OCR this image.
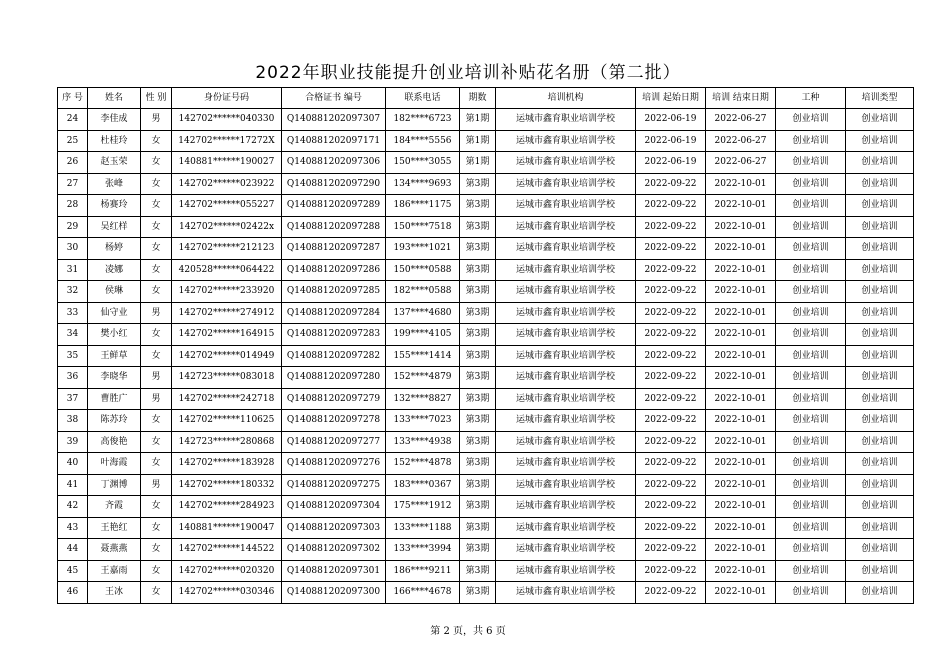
2022年职业技能提升创业培训补贴花名册（第二批）
序 号	姓名	性 别	身份证号码	合格证书 编号	联系电话	期数	培训机构	培训 起始日期	培训 结束日期	工种	培训类型
24	李佳成	男	142702******040330	Q140881202097307	182****6723	第1期	运城市鑫育职业培训学校	2022-06-19	2022-06-27	创业培训	创业培训
25	杜桂玲	女	142702******17272X	Q140881202097171	184****5556	第1期	运城市鑫育职业培训学校	2022-06-19	2022-06-27	创业培训	创业培训
26	赵玉荣	女	140881******190027	Q140881202097306	150****3055	第1期	运城市鑫育职业培训学校	2022-06-19	2022-06-27	创业培训	创业培训
27	张峰	女	142702******023922	Q140881202097290	134****9693	第3期	运城市鑫育职业培训学校	2022-09-22	2022-10-01	创业培训	创业培训
28	杨赛玲	女	142702******055227	Q140881202097289	186****1175	第3期	运城市鑫育职业培训学校	2022-09-22	2022-10-01	创业培训	创业培训
29	吴红样	女	142702******02422x	Q140881202097288	150****7518	第3期	运城市鑫育职业培训学校	2022-09-22	2022-10-01	创业培训	创业培训
30	杨婷	女	142702******212123	Q140881202097287	193****1021	第3期	运城市鑫育职业培训学校	2022-09-22	2022-10-01	创业培训	创业培训
31	凌娜	女	420528******064422	Q140881202097286	150****0588	第3期	运城市鑫育职业培训学校	2022-09-22	2022-10-01	创业培训	创业培训
32	侯琳	女	142702******233920	Q140881202097285	182****0588	第3期	运城市鑫育职业培训学校	2022-09-22	2022-10-01	创业培训	创业培训
33	仙守业	男	142702******274912	Q140881202097284	137****4680	第3期	运城市鑫育职业培训学校	2022-09-22	2022-10-01	创业培训	创业培训
34	樊小红	女	142702******164915	Q140881202097283	199****4105	第3期	运城市鑫育职业培训学校	2022-09-22	2022-10-01	创业培训	创业培训
35	王鲜草	女	142702******014949	Q140881202097282	155****1414	第3期	运城市鑫育职业培训学校	2022-09-22	2022-10-01	创业培训	创业培训
36	李晓华	男	142723******083018	Q140881202097280	152****4879	第3期	运城市鑫育职业培训学校	2022-09-22	2022-10-01	创业培训	创业培训
37	曹胜广	男	142702******242718	Q140881202097279	132****8827	第3期	运城市鑫育职业培训学校	2022-09-22	2022-10-01	创业培训	创业培训
38	陈苏玲	女	142702******110625	Q140881202097278	133****7023	第3期	运城市鑫育职业培训学校	2022-09-22	2022-10-01	创业培训	创业培训
39	高俊艳	女	142723******280868	Q140881202097277	133****4938	第3期	运城市鑫育职业培训学校	2022-09-22	2022-10-01	创业培训	创业培训
40	叶海霞	女	142702******183928	Q140881202097276	152****4878	第3期	运城市鑫育职业培训学校	2022-09-22	2022-10-01	创业培训	创业培训
41	丁渊博	男	142702******180332	Q140881202097275	183****0367	第3期	运城市鑫育职业培训学校	2022-09-22	2022-10-01	创业培训	创业培训
42	齐霞	女	142702******284923	Q140881202097304	175****1912	第3期	运城市鑫育职业培训学校	2022-09-22	2022-10-01	创业培训	创业培训
43	王艳红	女	140881******190047	Q140881202097303	133****1188	第3期	运城市鑫育职业培训学校	2022-09-22	2022-10-01	创业培训	创业培训
44	聂燕燕	女	142702******144522	Q140881202097302	133****3994	第3期	运城市鑫育职业培训学校	2022-09-22	2022-10-01	创业培训	创业培训
45	王嘉雨	女	142702******020320	Q140881202097301	186****9211	第3期	运城市鑫育职业培训学校	2022-09-22	2022-10-01	创业培训	创业培训
46	王冰	女	142702******030346	Q140881202097300	166****4678	第3期	运城市鑫育职业培训学校	2022-09-22	2022-10-01	创业培训	创业培训
第 2 页，共 6 页
